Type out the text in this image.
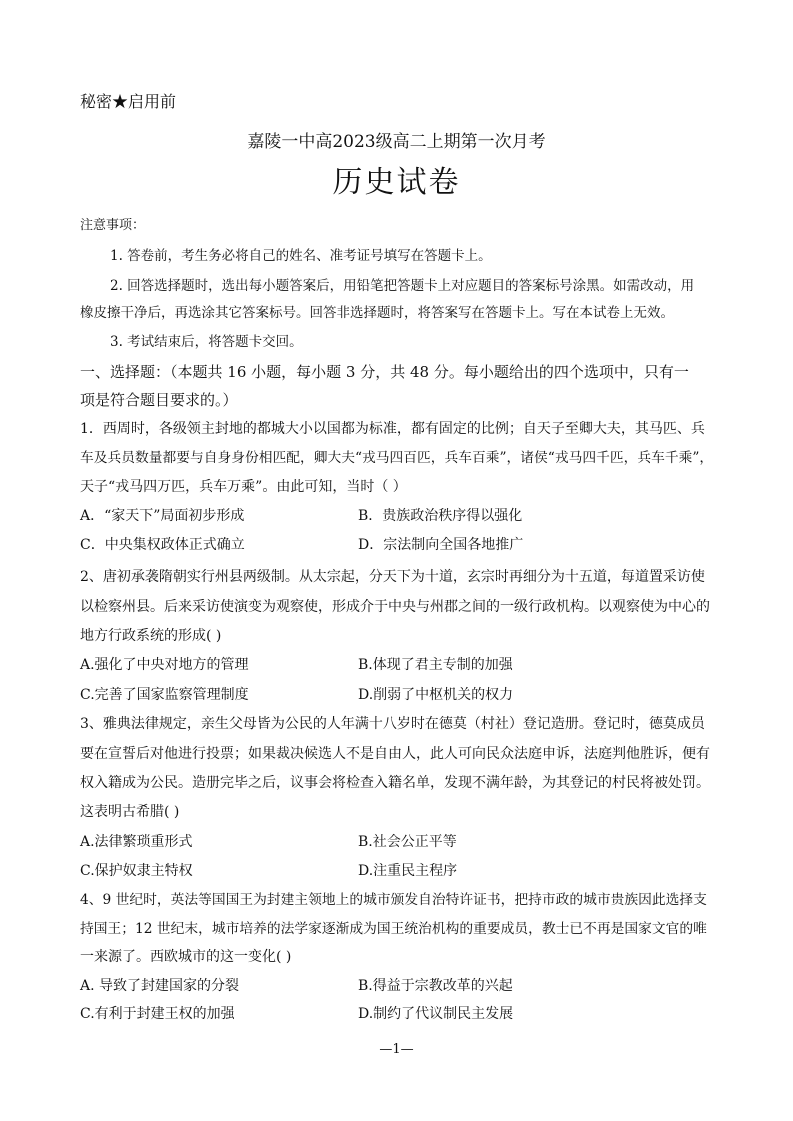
秘密★启用前
嘉陵一中高2023级高二上期第一次月考
历史试卷
注意事项：
1. 答卷前，考生务必将自己的姓名、准考证号填写在答题卡上。
2. 回答选择题时，选出每小题答案后，用铅笔把答题卡上对应题目的答案标号涂黑。如需改动，用
橡皮擦干净后，再选涂其它答案标号。回答非选择题时，将答案写在答题卡上。写在本试卷上无效。
3. 考试结束后，将答题卡交回。
一、选择题：（本题共 16 小题，每小题 3 分，共 48 分。每小题给出的四个选项中，只有一
项是符合题目要求的。）
1．西周时，各级领主封地的都城大小以国都为标准，都有固定的比例；自天子至卿大夫，其马匹、兵
车及兵员数量都要与自身身份相匹配，卿大夫“戎马四百匹，兵车百乘”，诸侯“戎马四千匹，兵车千乘”，
天子“戎马四万匹，兵车万乘”。由此可知，当时（ ）
A．“家天下”局面初步形成	B．贵族政治秩序得以强化
C．中央集权政体正式确立	D．宗法制向全国各地推广
2、唐初承袭隋朝实行州县两级制。从太宗起，分天下为十道，玄宗时再细分为十五道，每道置采访使
以检察州县。后来采访使演变为观察使，形成介于中央与州郡之间的一级行政机构。以观察使为中心的
地方行政系统的形成( )
A.强化了中央对地方的管理	B.体现了君主专制的加强
C.完善了国家监察管理制度	D.削弱了中枢机关的权力
3、雅典法律规定，亲生父母皆为公民的人年满十八岁时在德莫（村社）登记造册。登记时，德莫成员
要在宣誓后对他进行投票；如果裁决候选人不是自由人，此人可向民众法庭申诉，法庭判他胜诉，便有
权入籍成为公民。造册完毕之后，议事会将检查入籍名单，发现不满年龄，为其登记的村民将被处罚。
这表明古希腊( )
A.法律繁琐重形式	B.社会公正平等
C.保护奴隶主特权	D.注重民主程序
4、9 世纪时，英法等国国王为封建主领地上的城市颁发自治特许证书，把持市政的城市贵族因此选择支
持国王；12 世纪末，城市培养的法学家逐渐成为国王统治机构的重要成员，教士已不再是国家文官的唯
一来源了。西欧城市的这一变化( )
A. 导致了封建国家的分裂	B.得益于宗教改革的兴起
C.有利于封建王权的加强	D.制约了代议制民主发展
—1—
